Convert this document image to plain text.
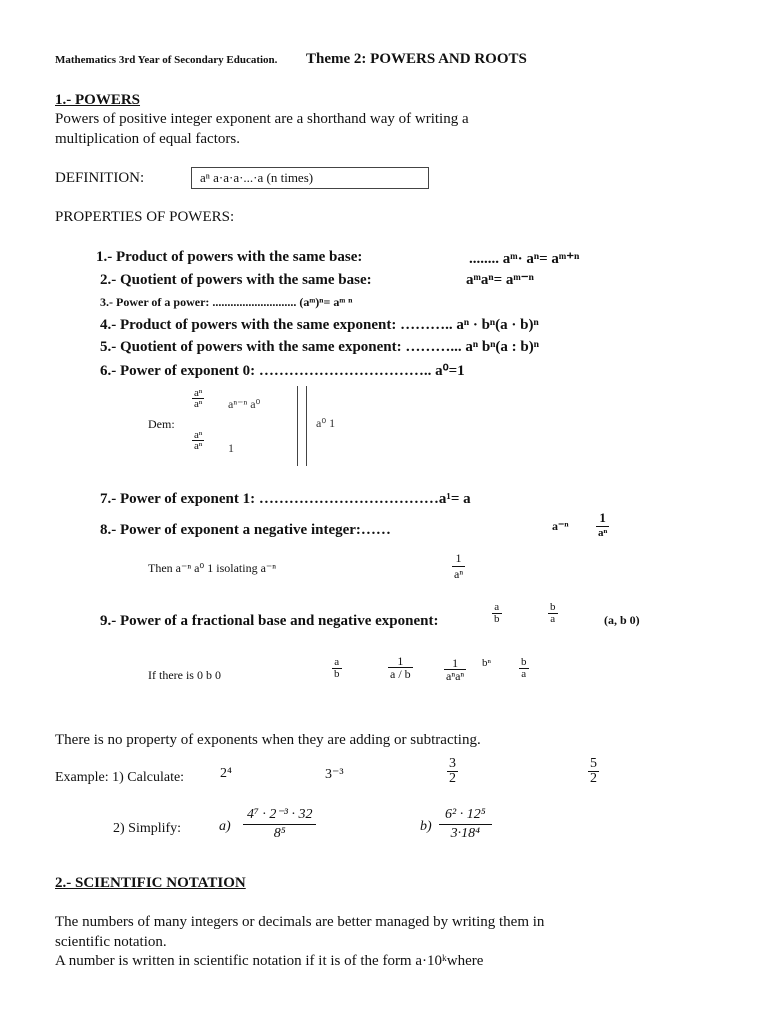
Mathematics 3rd Year of Secondary Education. Theme 2: POWERS AND ROOTS
1.- POWERS
Powers of positive integer exponent are a shorthand way of writing a
multiplication of equal factors.
DEFINITION:	aⁿ a·a·a·...·a (n times)
PROPERTIES OF POWERS:
1.- Product of powers with the same base:	........ aᵐ· aⁿ= aᵐ⁺ⁿ
2.- Quotient of powers with the same base:	aᵐaⁿ= aᵐ⁻ⁿ
3.- Power of a power: ............................ (aᵐ)ⁿ= aᵐ ⁿ
4.- Product of powers with the same exponent: ……….. aⁿ · bⁿ(a · b)ⁿ
5.- Quotient of powers with the same exponent: ………... aⁿ bⁿ(a : b)ⁿ
6.- Power of exponent 0: …………………………….. a⁰=1
Dem:
$\frac{\text{aⁿ}}{\text{aⁿ}} a^{n-n}$ a⁰
$\frac{\text{aⁿ}}{\text{aⁿ}} 1$
a⁰ 1
7.- Power of exponent 1: ………………………………a¹= a
8.- Power of exponent a negative integer:……	$a^{-n} \frac{1}{\text{aⁿ}}$
Then a⁻ⁿ a⁰ 1 isolating a⁻ⁿ	$\frac{1}{\text{aⁿ}}$
9.- Power of a fractional base and negative exponent:	$\frac{a}{b}$	$\frac{b}{a}$	(a, b 0)
If there is 0 b 0	$\frac{a}{b}$	$\frac{1}{a / b}$	$\frac{1}{\text{aⁿaⁿ}}$ bⁿ	$\frac{b}{a}$
There is no property of exponents when they are adding or subtracting.
Example: 1) Calculate:	2⁴	3⁻³	$\frac{3}{2}$	$\frac{5}{2}$
2) Simplify:	$a) \frac{\text{4⁷ · 2⁻³ · 32}}{\text{8⁵}}$	$b) \frac{\text{6² · 12⁵}}{\text{3·18⁴}}$
2.- SCIENTIFIC NOTATION
The numbers of many integers or decimals are better managed by writing them in
scientific notation.
A number is written in scientific notation if it is of the form a·10ᵏwhere
